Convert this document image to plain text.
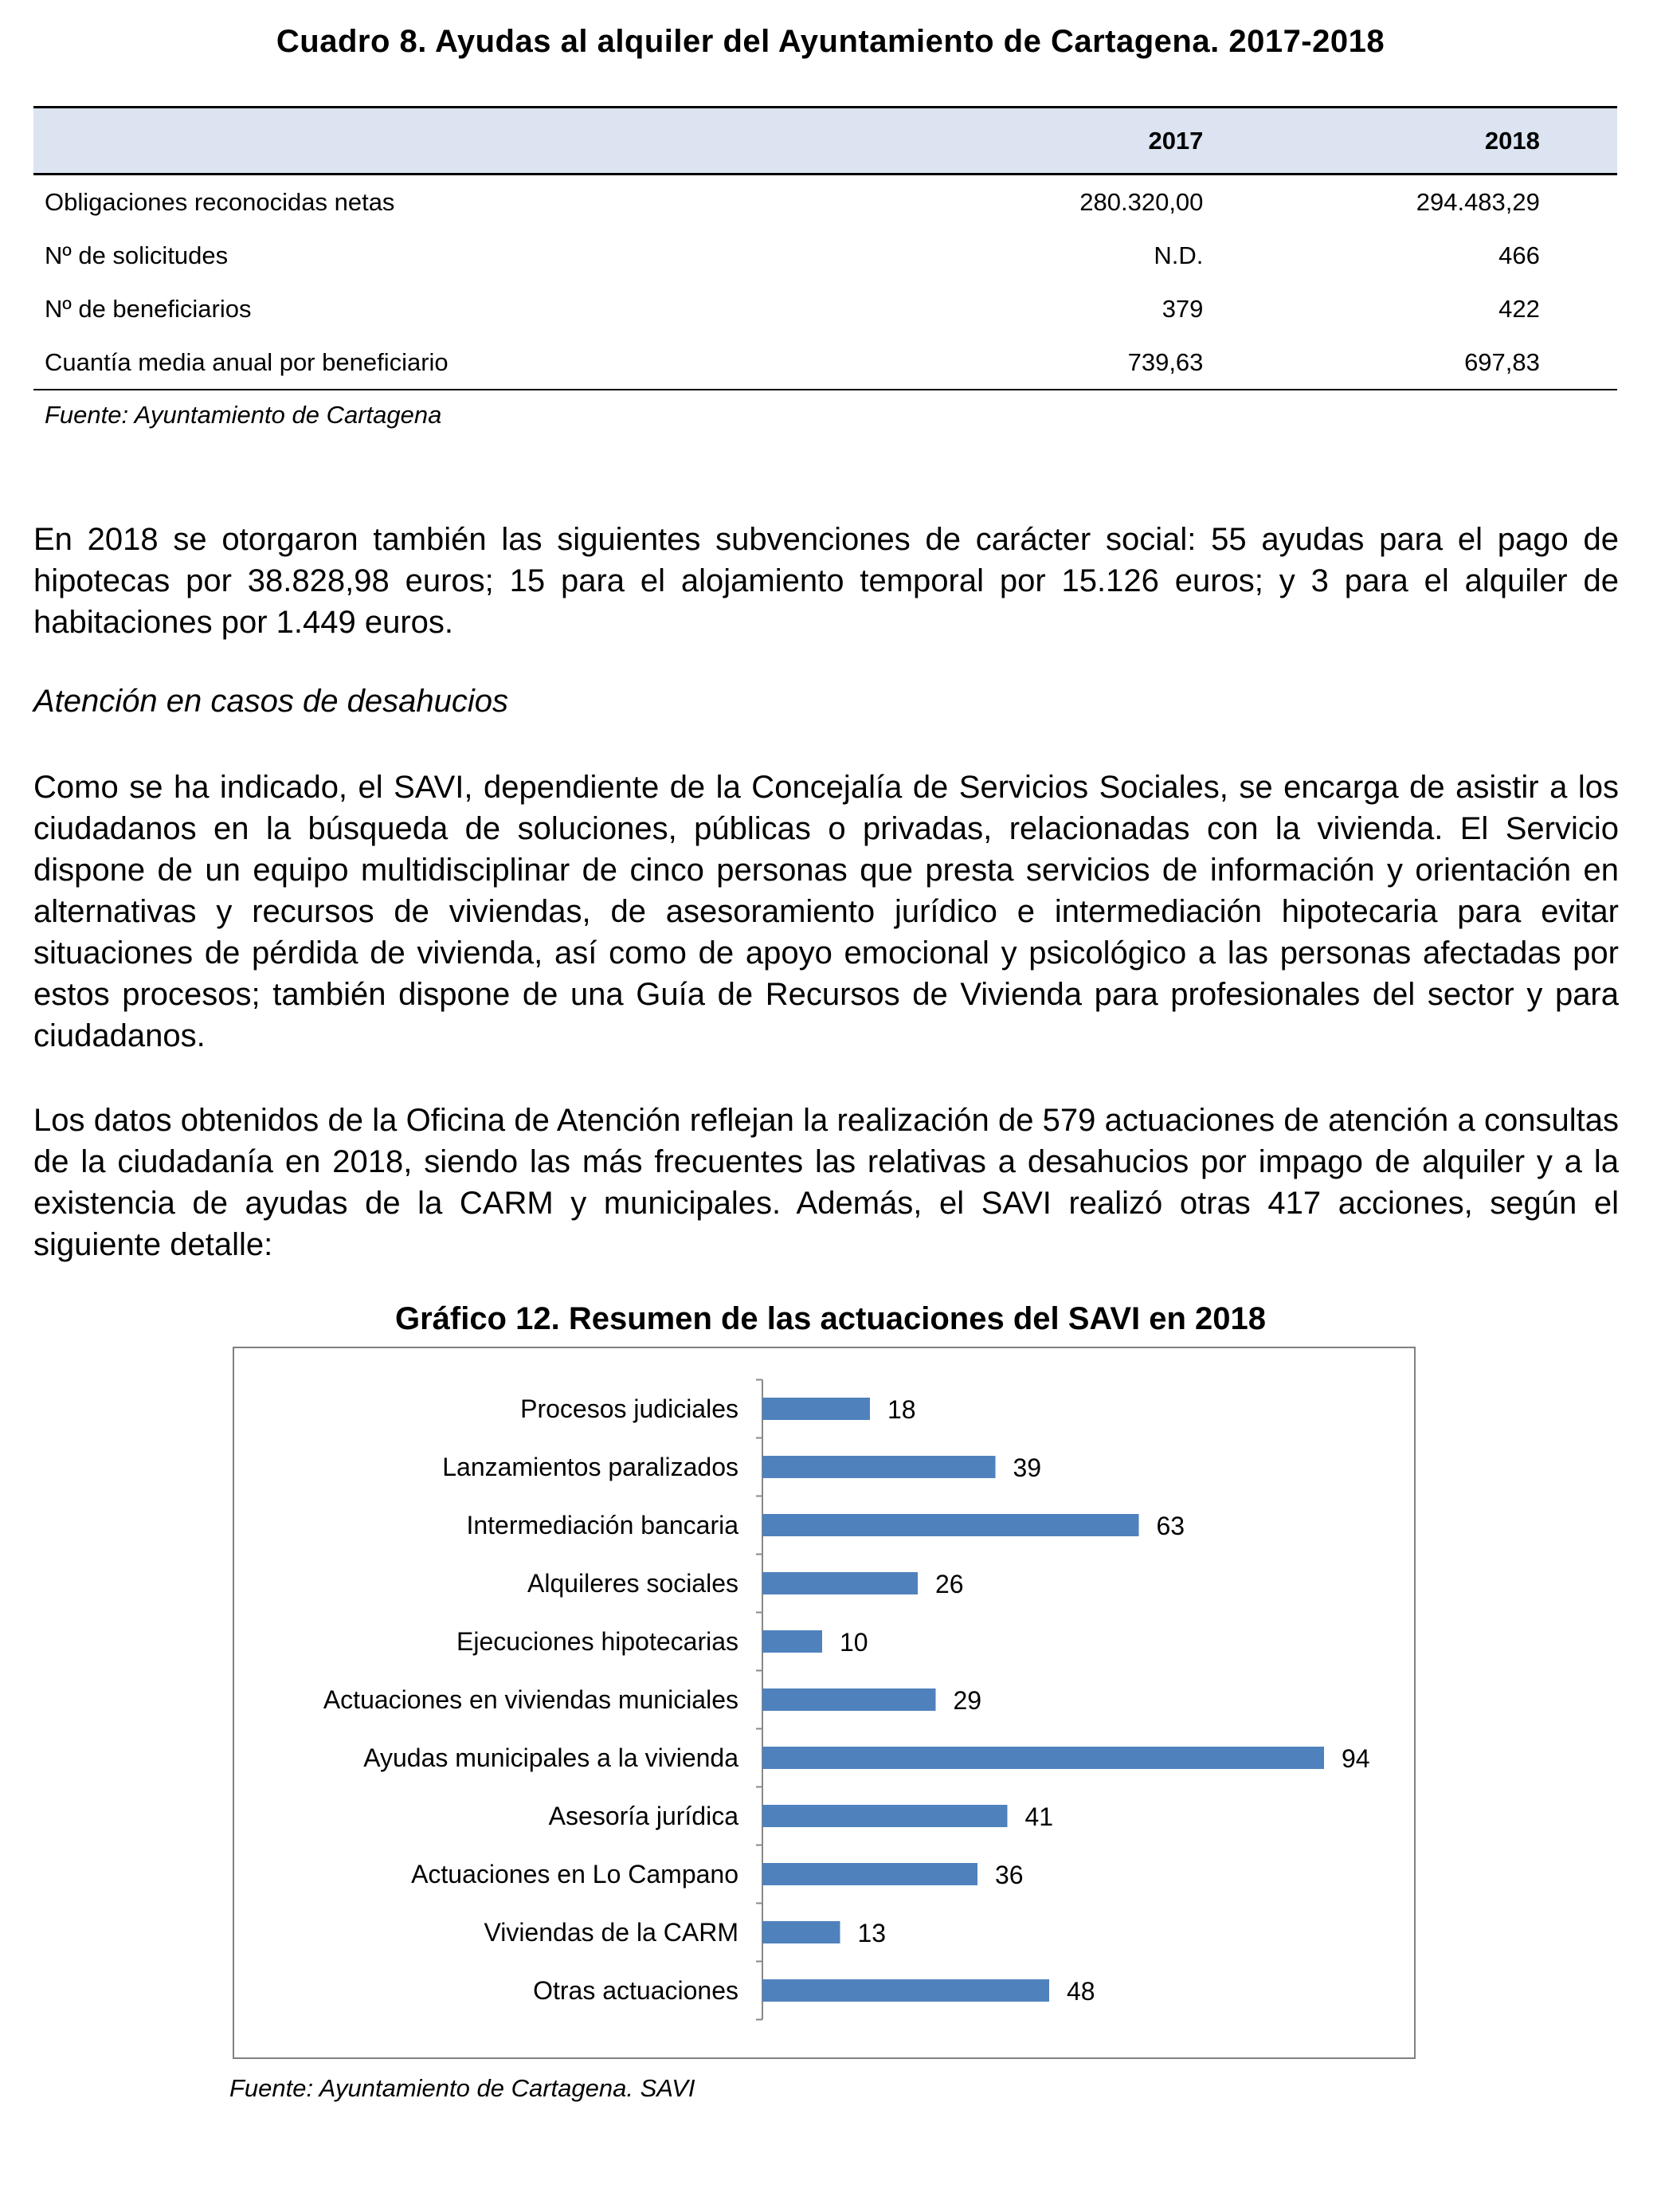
Cuadro 8. Ayudas al alquiler del Ayuntamiento de Cartagena. 2017-2018
	2017	2018	
Obligaciones reconocidas netas	280.320,00	294.483,29	
Nº de solicitudes	N.D.	466	
Nº de beneficiarios	379	422	
Cuantía media anual por beneficiario	739,63	697,83	
Fuente: Ayuntamiento de Cartagena

En 2018 se otorgaron también las siguientes subvenciones de carácter social: 55 ayudas para el pago de hipotecas por 38.828,98 euros; 15 para el alojamiento temporal por 15.126 euros; y 3 para el alquiler de habitaciones por 1.449 euros.

Atención en casos de desahucios

Como se ha indicado, el SAVI, dependiente de la Concejalía de Servicios Sociales, se encarga de asistir a los ciudadanos en la búsqueda de soluciones, públicas o privadas, relacionadas con la vivienda. El Servicio dispone de un equipo multidisciplinar de cinco personas que presta servicios de información y orientación en alternativas y recursos de viviendas, de asesoramiento jurídico e intermediación hipotecaria para evitar situaciones de pérdida de vivienda, así como de apoyo emocional y psicológico a las personas afectadas por estos procesos; también dispone de una Guía de Recursos de Vivienda para profesionales del sector y para ciudadanos.

Los datos obtenidos de la Oficina de Atención reflejan la realización de 579 actuaciones de atención a consultas de la ciudadanía en 2018, siendo las más frecuentes las relativas a desahucios por impago de alquiler y a la existencia de ayudas de la CARM y municipales. Además, el SAVI realizó otras 417 acciones, según el siguiente detalle:

Gráfico 12. Resumen de las actuaciones del SAVI en 2018
Procesos judiciales	18
Lanzamientos paralizados	39
Intermediación bancaria	63
Alquileres sociales	26
Ejecuciones hipotecarias	10
Actuaciones en viviendas municiales	29
Ayudas municipales a la vivienda	94
Asesoría jurídica	41
Actuaciones en Lo Campano	36
Viviendas de la CARM	13
Otras actuaciones	48
Fuente: Ayuntamiento de Cartagena. SAVI
